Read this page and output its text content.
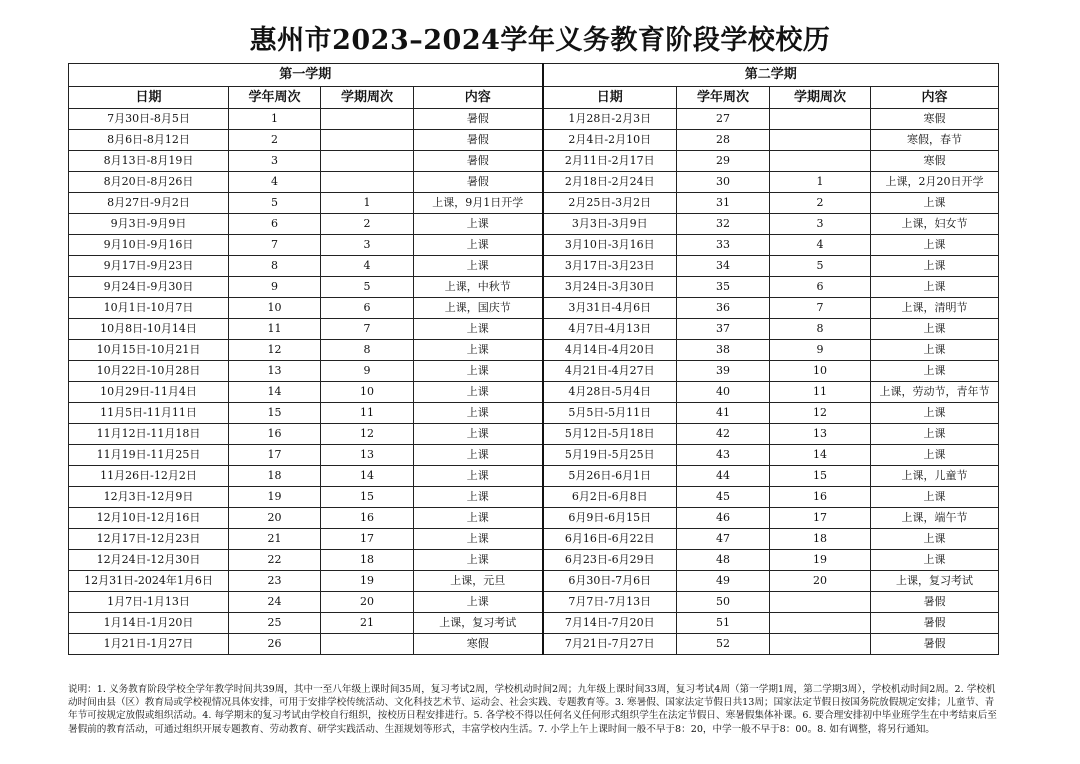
惠州市2023–2024学年义务教育阶段学校校历
第一学期				第二学期			
日期	学年周次	学期周次	内容	日期	学年周次	学期周次	内容
7月30日-8月5日	1		暑假	1月28日-2月3日	27		寒假
8月6日-8月12日	2		暑假	2月4日-2月10日	28		寒假，春节
8月13日-8月19日	3		暑假	2月11日-2月17日	29		寒假
8月20日-8月26日	4		暑假	2月18日-2月24日	30	1	上课，2月20日开学
8月27日-9月2日	5	1	上课，9月1日开学	2月25日-3月2日	31	2	上课
9月3日-9月9日	6	2	上课	3月3日-3月9日	32	3	上课，妇女节
9月10日-9月16日	7	3	上课	3月10日-3月16日	33	4	上课
9月17日-9月23日	8	4	上课	3月17日-3月23日	34	5	上课
9月24日-9月30日	9	5	上课，中秋节	3月24日-3月30日	35	6	上课
10月1日-10月7日	10	6	上课，国庆节	3月31日-4月6日	36	7	上课，清明节
10月8日-10月14日	11	7	上课	4月7日-4月13日	37	8	上课
10月15日-10月21日	12	8	上课	4月14日-4月20日	38	9	上课
10月22日-10月28日	13	9	上课	4月21日-4月27日	39	10	上课
10月29日-11月4日	14	10	上课	4月28日-5月4日	40	11	上课，劳动节，青年节
11月5日-11月11日	15	11	上课	5月5日-5月11日	41	12	上课
11月12日-11月18日	16	12	上课	5月12日-5月18日	42	13	上课
11月19日-11月25日	17	13	上课	5月19日-5月25日	43	14	上课
11月26日-12月2日	18	14	上课	5月26日-6月1日	44	15	上课，儿童节
12月3日-12月9日	19	15	上课	6月2日-6月8日	45	16	上课
12月10日-12月16日	20	16	上课	6月9日-6月15日	46	17	上课，端午节
12月17日-12月23日	21	17	上课	6月16日-6月22日	47	18	上课
12月24日-12月30日	22	18	上课	6月23日-6月29日	48	19	上课
12月31日-2024年1月6日	23	19	上课，元旦	6月30日-7月6日	49	20	上课，复习考试
1月7日-1月13日	24	20	上课	7月7日-7月13日	50		暑假
1月14日-1月20日	25	21	上课，复习考试	7月14日-7月20日	51		暑假
1月21日-1月27日	26		寒假	7月21日-7月27日	52		暑假
说明：1. 义务教育阶段学校全学年教学时间共39周，其中一至八年级上课时间35周，复习考试2周，学校机动时间2周；九年级上课时间33周，复习考试4周（第一学期1周，第二学期3周），学校机动时间2周。2. 学校机动时间由县（区）教育局或学校视情况具体安排，可用于安排学校传统活动、文化科技艺术节、运动会、社会实践、专题教育等。3. 寒暑假、国家法定节假日共13周；国家法定节假日按国务院放假规定安排；儿童节、青年节可按规定放假或组织活动。4. 每学期末的复习考试由学校自行组织，按校历日程安排进行。5. 各学校不得以任何名义任何形式组织学生在法定节假日、寒暑假集体补课。6. 要合理安排初中毕业班学生在中考结束后至暑假前的教育活动，可通过组织开展专题教育、劳动教育、研学实践活动、生涯规划等形式，丰富学校内生活。7. 小学上午上课时间一般不早于8：20，中学一般不早于8：00。8. 如有调整，将另行通知。
